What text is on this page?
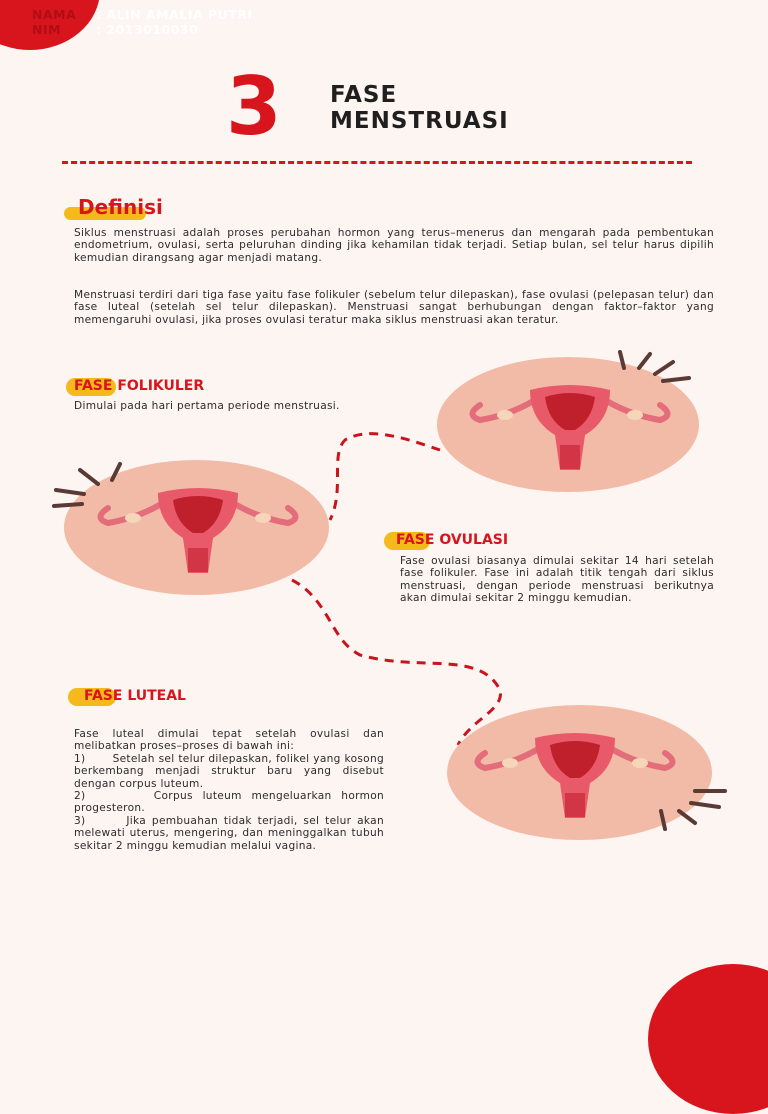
NAMA : ALIN AMALIA PUTRI
NIM	: 2013010030
3 FASE
MENSTRUASI
Definisi
Siklus menstruasi adalah proses perubahan hormon yang terus–menerus dan mengarah pada pembentukan endometrium, ovulasi, serta peluruhan dinding jika kehamilan tidak terjadi. Setiap bulan, sel telur harus dipilih kemudian dirangsang agar menjadi matang.
Menstruasi terdiri dari tiga fase yaitu fase folikuler (sebelum telur dilepaskan), fase ovulasi (pelepasan telur) dan fase luteal (setelah sel telur dilepaskan). Menstruasi sangat berhubungan dengan faktor–faktor yang memengaruhi ovulasi, jika proses ovulasi teratur maka siklus menstruasi akan teratur.
FASE FOLIKULER
Dimulai pada hari pertama periode menstruasi.
FASE OVULASI
Fase ovulasi biasanya dimulai sekitar 14 hari setelah fase folikuler. Fase ini adalah titik tengah dari siklus menstruasi, dengan periode menstruasi berikutnya akan dimulai sekitar 2 minggu kemudian.
FASE LUTEAL
Fase luteal dimulai tepat setelah ovulasi dan melibatkan proses–proses di bawah ini:
1)       Setelah sel telur dilepaskan, folikel yang kosong berkembang menjadi struktur baru yang disebut dengan corpus luteum.
2)       Corpus luteum mengeluarkan hormon progesteron.
3)       Jika pembuahan tidak terjadi, sel telur akan melewati uterus, mengering, dan meninggalkan tubuh sekitar 2 minggu kemudian melalui vagina.
